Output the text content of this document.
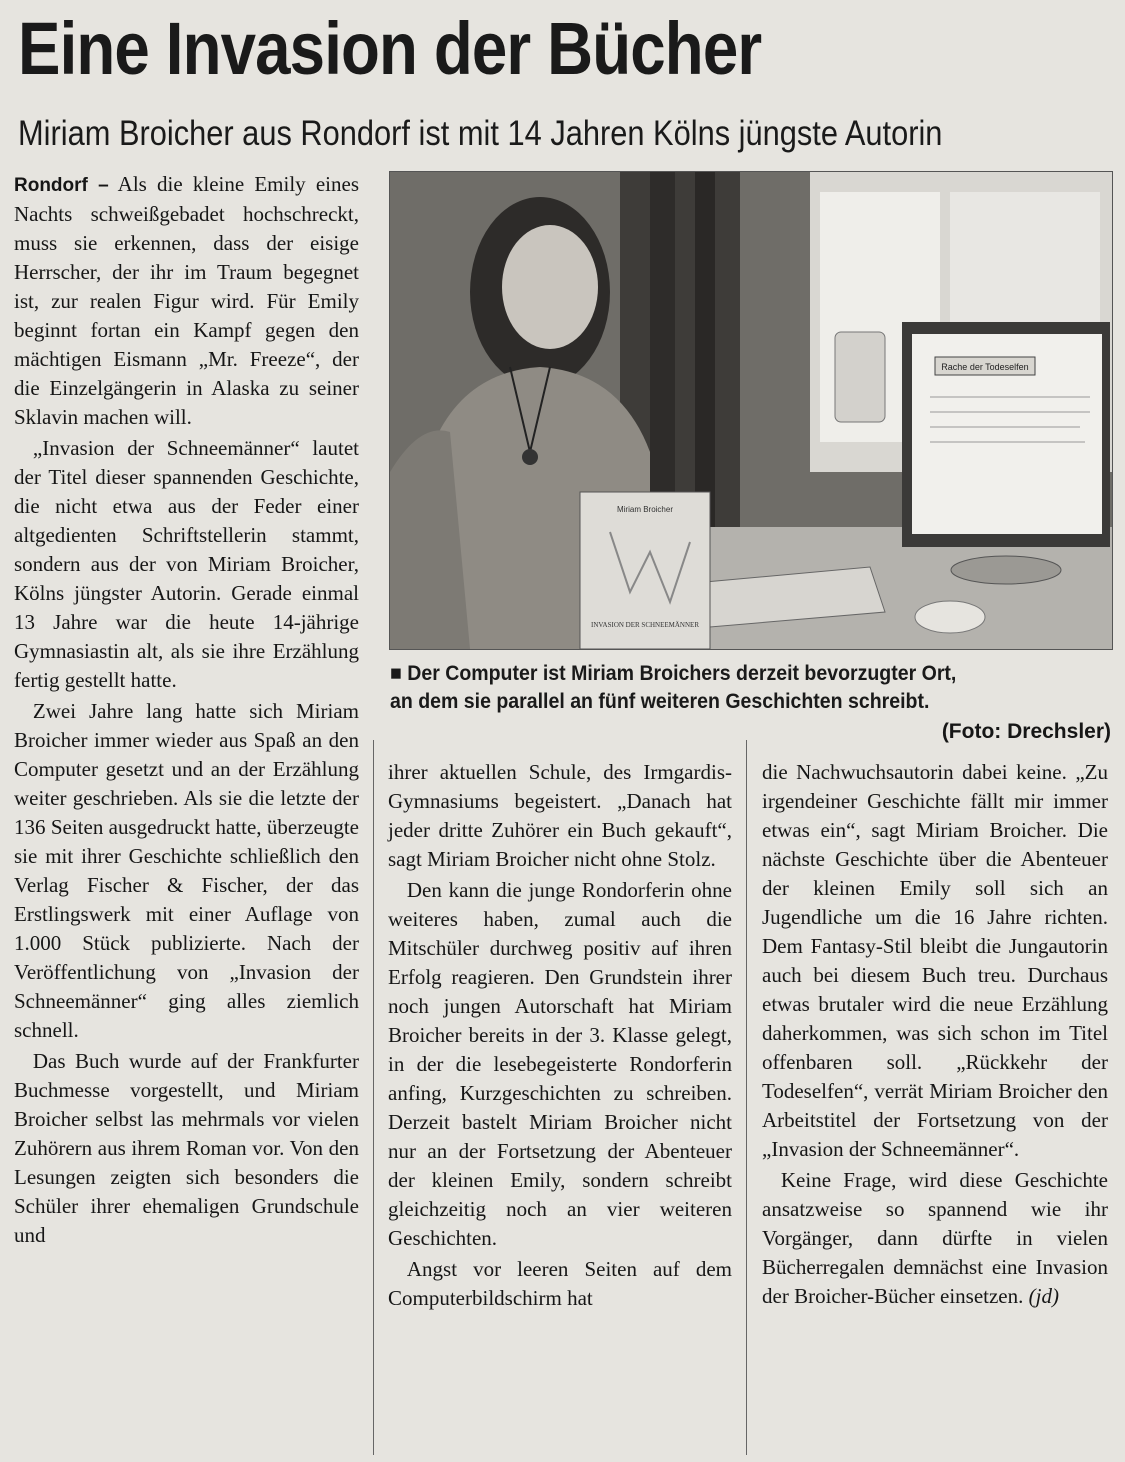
Eine Invasion der Bücher
Miriam Broicher aus Rondorf ist mit 14 Jahren Kölns jüngste Autorin

Rondorf – Als die kleine Emily eines Nachts schweißgebadet hochschreckt, muss sie erkennen, dass der eisige Herrscher, der ihr im Traum begegnet ist, zur realen Figur wird. Für Emily beginnt fortan ein Kampf gegen den mächtigen Eismann „Mr. Freeze“, der die Einzelgängerin in Alaska zu seiner Sklavin machen will.

„Invasion der Schneemänner“ lautet der Titel dieser spannenden Geschichte, die nicht etwa aus der Feder einer altgedienten Schriftstellerin stammt, sondern aus der von Miriam Broicher, Kölns jüngster Autorin. Gerade einmal 13 Jahre war die heute 14-jährige Gymnasiastin alt, als sie ihre Erzählung fertig gestellt hatte.

Zwei Jahre lang hatte sich Miriam Broicher immer wieder aus Spaß an den Computer gesetzt und an der Erzählung weiter geschrieben. Als sie die letzte der 136 Seiten ausgedruckt hatte, überzeugte sie mit ihrer Geschichte schließlich den Verlag Fischer & Fischer, der das Erstlingswerk mit einer Auflage von 1.000 Stück publizierte. Nach der Veröffentlichung von „Invasion der Schneemänner“ ging alles ziemlich schnell.

Das Buch wurde auf der Frankfurter Buchmesse vorgestellt, und Miriam Broicher selbst las mehrmals vor vielen Zuhörern aus ihrem Roman vor. Von den Lesungen zeigten sich besonders die Schüler ihrer ehemaligen Grundschule und

Rache der Todeselfen
Miriam Broicher
INVASION DER SCHNEEMÄNNER
■ Der Computer ist Miriam Broichers derzeit bevorzugter Ort,
an dem sie parallel an fünf weiteren Geschichten schreibt.
(Foto: Drechsler)

ihrer aktuellen Schule, des Irmgardis-Gymnasiums begeistert. „Danach hat jeder dritte Zuhörer ein Buch gekauft“, sagt Miriam Broicher nicht ohne Stolz.

Den kann die junge Rondorferin ohne weiteres haben, zumal auch die Mitschüler durchweg positiv auf ihren Erfolg reagieren. Den Grundstein ihrer noch jungen Autorschaft hat Miriam Broicher bereits in der 3. Klasse gelegt, in der die lesebegeisterte Rondorferin anfing, Kurzgeschichten zu schreiben. Derzeit bastelt Miriam Broicher nicht nur an der Fortsetzung der Abenteuer der kleinen Emily, sondern schreibt gleichzeitig noch an vier weiteren Geschichten.

Angst vor leeren Seiten auf dem Computerbildschirm hat

die Nachwuchsautorin dabei keine. „Zu irgendeiner Geschichte fällt mir immer etwas ein“, sagt Miriam Broicher. Die nächste Geschichte über die Abenteuer der kleinen Emily soll sich an Jugendliche um die 16 Jahre richten. Dem Fantasy-Stil bleibt die Jungautorin auch bei diesem Buch treu. Durchaus etwas brutaler wird die neue Erzählung daherkommen, was sich schon im Titel offenbaren soll. „Rückkehr der Todeselfen“, verrät Miriam Broicher den Arbeitstitel der Fortsetzung von der „Invasion der Schneemänner“.

Keine Frage, wird diese Geschichte ansatzweise so spannend wie ihr Vorgänger, dann dürfte in vielen Bücherregalen demnächst eine Invasion der Broicher-Bücher einsetzen. (jd)
